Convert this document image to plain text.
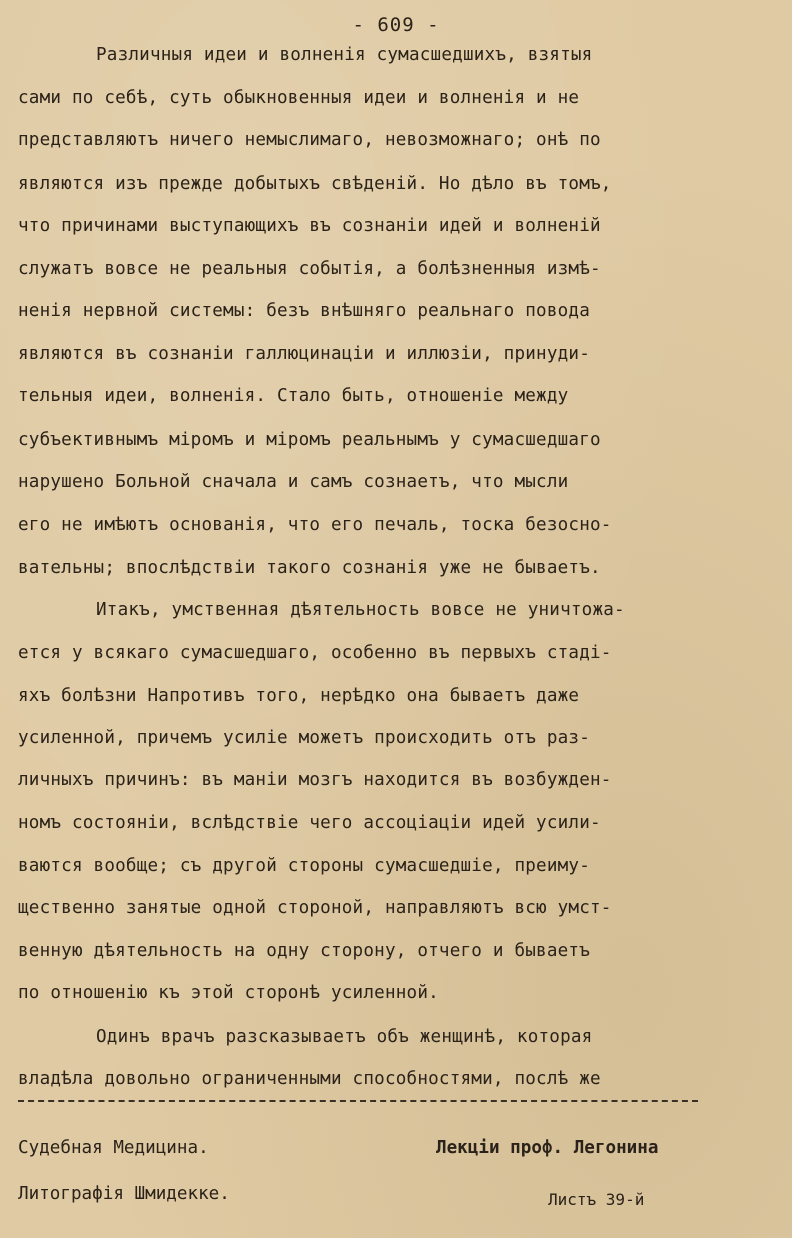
- 609 -
Различныя идеи и волненія сумасшедшихъ, взятыя
сами по себѣ, суть обыкновенныя идеи и волненія и не
представляютъ ничего немыслимаго, невозможнаго; онѣ по
являются изъ прежде добытыхъ свѣденій. Но дѣло въ томъ,
что причинами выступающихъ въ сознаніи идей и волненій
служатъ вовсе не реальныя событія, а болѣзненныя измѣ-
ненія нервной системы: безъ внѣшняго реальнаго повода
являются въ сознаніи галлюцинаціи и иллюзіи, принуди-
тельныя идеи, волненія. Стало быть, отношеніе между
субъективнымъ міромъ и міромъ реальнымъ у сумасшедшаго
нарушено Больной сначала и самъ сознаетъ, что мысли
его не имѣютъ основанія, что его печаль, тоска безосно-
вательны; впослѣдствіи такого сознанія уже не бываетъ.
Итакъ, умственная дѣятельность вовсе не уничтожа-
ется у всякаго сумасшедшаго, особенно въ первыхъ стадi-
яхъ болѣзни Напротивъ того, нерѣдко она бываетъ даже
усиленной, причемъ усиліе можетъ происходить отъ раз-
личныхъ причинъ: въ маніи мозгъ находится въ возбужден-
номъ состояніи, вслѣдствіе чего ассоціаціи идей усили-
ваются вообще; съ другой стороны сумасшедшіе, преиму-
щественно занятые одной стороной, направляютъ всю умст-
венную дѣятельность на одну сторону, отчего и бываетъ
по отношенію къ этой сторонѣ усиленной.
Одинъ врачъ разсказываетъ объ женщинѣ, которая
владѣла довольно ограниченными способностями, послѣ же
Судебная Медицина.	Лекціи проф. Легонина
Литографія Шмидекке.	Листъ 39-й
